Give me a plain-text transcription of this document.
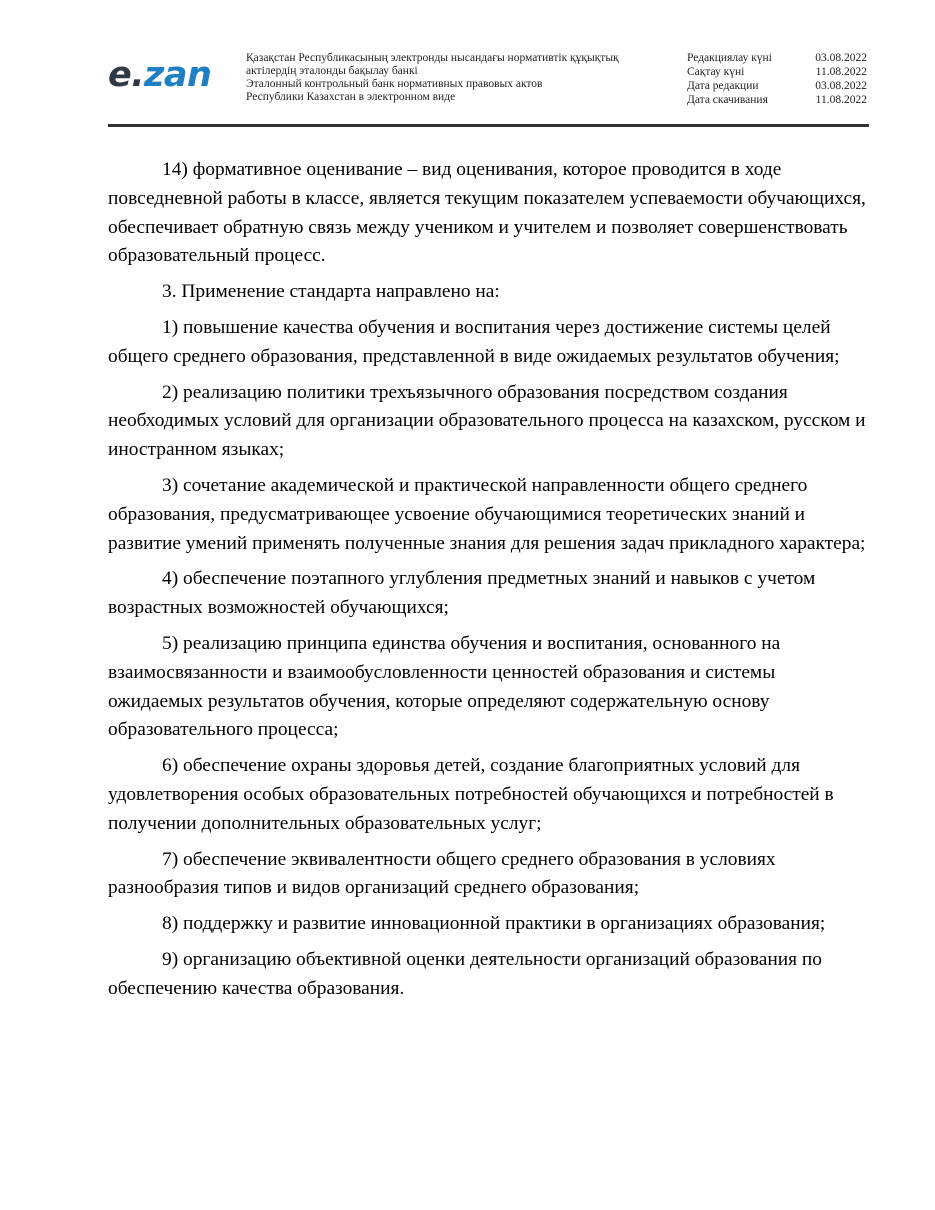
e . zan	Қазақстан Республикасының электронды нысандағы нормативтік құқықтық
актілердің эталонды бақылау банкі
Эталонный контрольный банк нормативных правовых актов
Республики Казахстан в электронном виде
Редакциялау күні	03.08.2022
Сақтау күні	11.08.2022
Дата редакции	03.08.2022
Дата скачивания	11.08.2022

14) формативное оценивание – вид оценивания, которое проводится в ходе повседневной работы в классе, является текущим показателем успеваемости обучающихся, обеспечивает обратную связь между учеником и учителем и позволяет совершенствовать образовательный процесс.

3. Применение стандарта направлено на:

1) повышение качества обучения и воспитания через достижение системы целей общего среднего образования, представленной в виде ожидаемых результатов обучения;

2) реализацию политики трехъязычного образования посредством создания необходимых условий для организации образовательного процесса на казахском, русском и иностранном языках;

3) сочетание академической и практической направленности общего среднего образования, предусматривающее усвоение обучающимися теоретических знаний и развитие умений применять полученные знания для решения задач прикладного характера;

4) обеспечение поэтапного углубления предметных знаний и навыков с учетом возрастных возможностей обучающихся;

5) реализацию принципа единства обучения и воспитания, основанного на взаимосвязанности и взаимообусловленности ценностей образования и системы ожидаемых результатов обучения, которые определяют содержательную основу образовательного процесса;

6) обеспечение охраны здоровья детей, создание благоприятных условий для удовлетворения особых образовательных потребностей обучающихся и потребностей в получении дополнительных образовательных услуг;

7) обеспечение эквивалентности общего среднего образования в условиях разнообразия типов и видов организаций среднего образования;

8) поддержку и развитие инновационной практики в организациях образования;

9) организацию объективной оценки деятельности организаций образования по обеспечению качества образования.
